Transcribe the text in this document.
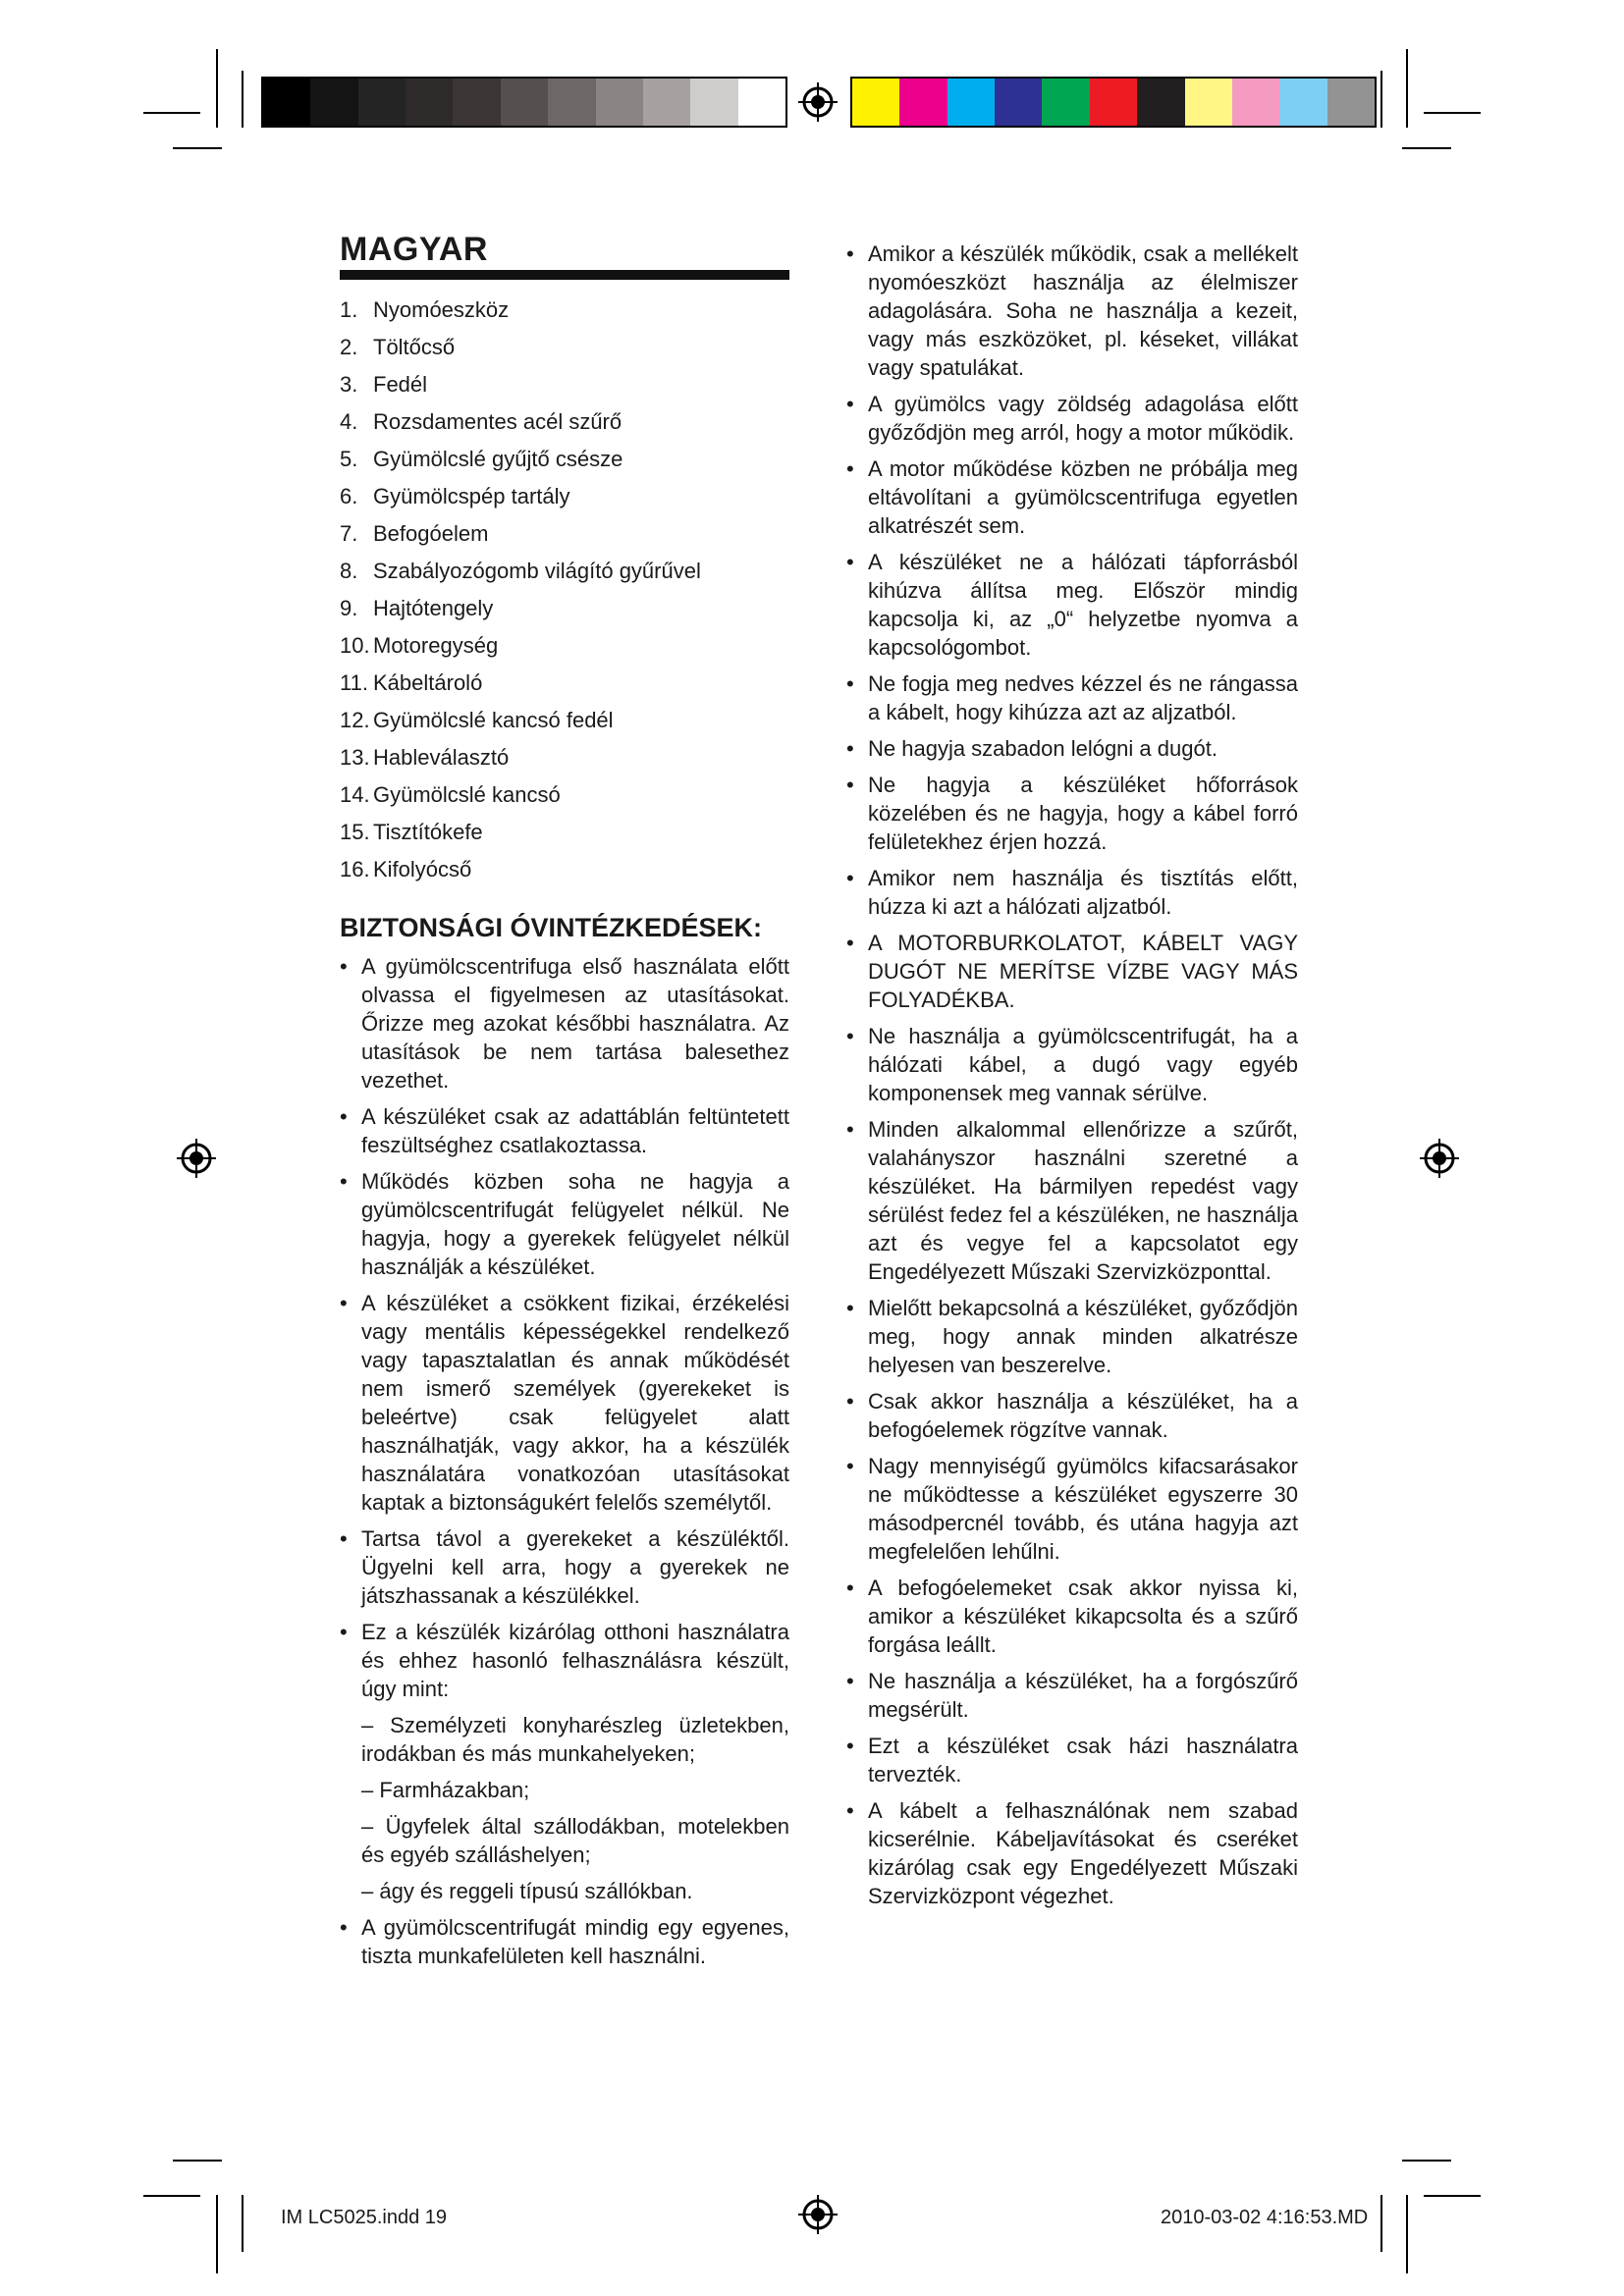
MAGYAR
1. Nyomóeszköz
2. Töltőcső
3. Fedél
4. Rozsdamentes acél szűrő
5. Gyümölcslé gyűjtő csésze
6. Gyümölcspép tartály
7. Befogóelem
8. Szabályozógomb világító gyűrűvel
9. Hajtótengely
10. Motoregység
11. Kábeltároló
12. Gyümölcslé kancsó fedél
13. Hableválasztó
14. Gyümölcslé kancsó
15. Tisztítókefe
16. Kifolyócső
BIZTONSÁGI ÓVINTÉZKEDÉSEK:
• A gyümölcscentrifuga első használata előtt olvassa el figyelmesen az utasításokat. Őrizze meg azokat későbbi használatra. Az utasítások be nem tartása balesethez vezethet.
• A készüléket csak az adattáblán feltüntetett feszültséghez csatlakoztassa.
• Működés közben soha ne hagyja a gyümölcscentrifugát felügyelet nélkül. Ne hagyja, hogy a gyerekek felügyelet nélkül használják a készüléket.
• A készüléket a csökkent fizikai, érzékelési vagy mentális képességekkel rendelkező vagy tapasztalatlan és annak működését nem ismerő személyek (gyerekeket is beleértve) csak felügyelet alatt használhatják, vagy akkor, ha a készülék használatára vonatkozóan utasításokat kaptak a biztonságukért felelős személytől.
• Tartsa távol a gyerekeket a készüléktől. Ügyelni kell arra, hogy a gyerekek ne játszhassanak a készülékkel.
• Ez a készülék kizárólag otthoni használatra és ehhez hasonló felhasználásra készült, úgy mint:
– Személyzeti konyharészleg üzletekben, irodákban és más munkahelyeken;
– Farmházakban;
– Ügyfelek által szállodákban, motelekben és egyéb szálláshelyen;
– ágy és reggeli típusú szállókban.
• A gyümölcscentrifugát mindig egy egyenes, tiszta munkafelületen kell használni.
• Amikor a készülék működik, csak a mellékelt nyomóeszközt használja az élelmiszer adagolására. Soha ne használja a kezeit, vagy más eszközöket, pl. késeket, villákat vagy spatulákat.
• A gyümölcs vagy zöldség adagolása előtt győződjön meg arról, hogy a motor működik.
• A motor működése közben ne próbálja meg eltávolítani a gyümölcscentrifuga egyetlen alkatrészét sem.
• A készüléket ne a hálózati tápforrásból kihúzva állítsa meg. Először mindig kapcsolja ki, az „0“ helyzetbe nyomva a kapcsológombot.
• Ne fogja meg nedves kézzel és ne rángassa a kábelt, hogy kihúzza azt az aljzatból.
• Ne hagyja szabadon lelógni a dugót.
• Ne hagyja a készüléket hőforrások közelében és ne hagyja, hogy a kábel forró felületekhez érjen hozzá.
• Amikor nem használja és tisztítás előtt, húzza ki azt a hálózati aljzatból.
• A MOTORBURKOLATOT, KÁBELT VAGY DUGÓT NE MERÍTSE VÍZBE VAGY MÁS FOLYADÉKBA.
• Ne használja a gyümölcscentrifugát, ha a hálózati kábel, a dugó vagy egyéb komponensek meg vannak sérülve.
• Minden alkalommal ellenőrizze a szűrőt, valahányszor használni szeretné a készüléket. Ha bármilyen repedést vagy sérülést fedez fel a készüléken, ne használja azt és vegye fel a kapcsolatot egy Engedélyezett Műszaki Szervizközponttal.
• Mielőtt bekapcsolná a készüléket, győződjön meg, hogy annak minden alkatrésze helyesen van beszerelve.
• Csak akkor használja a készüléket, ha a befogóelemek rögzítve vannak.
• Nagy mennyiségű gyümölcs kifacsarásakor ne működtesse a készüléket egyszerre 30 másodpercnél tovább, és utána hagyja azt megfelelően lehűlni.
• A befogóelemeket csak akkor nyissa ki, amikor a készüléket kikapcsolta és a szűrő forgása leállt.
• Ne használja a készüléket, ha a forgószűrő megsérült.
• Ezt a készüléket csak házi használatra tervezték.
• A kábelt a felhasználónak nem szabad kicserélnie. Kábeljavításokat és cseréket kizárólag csak egy Engedélyezett Műszaki Szervizközpont végezhet.
IM LC5025.indd 19	2010-03-02 4:16:53.MD
